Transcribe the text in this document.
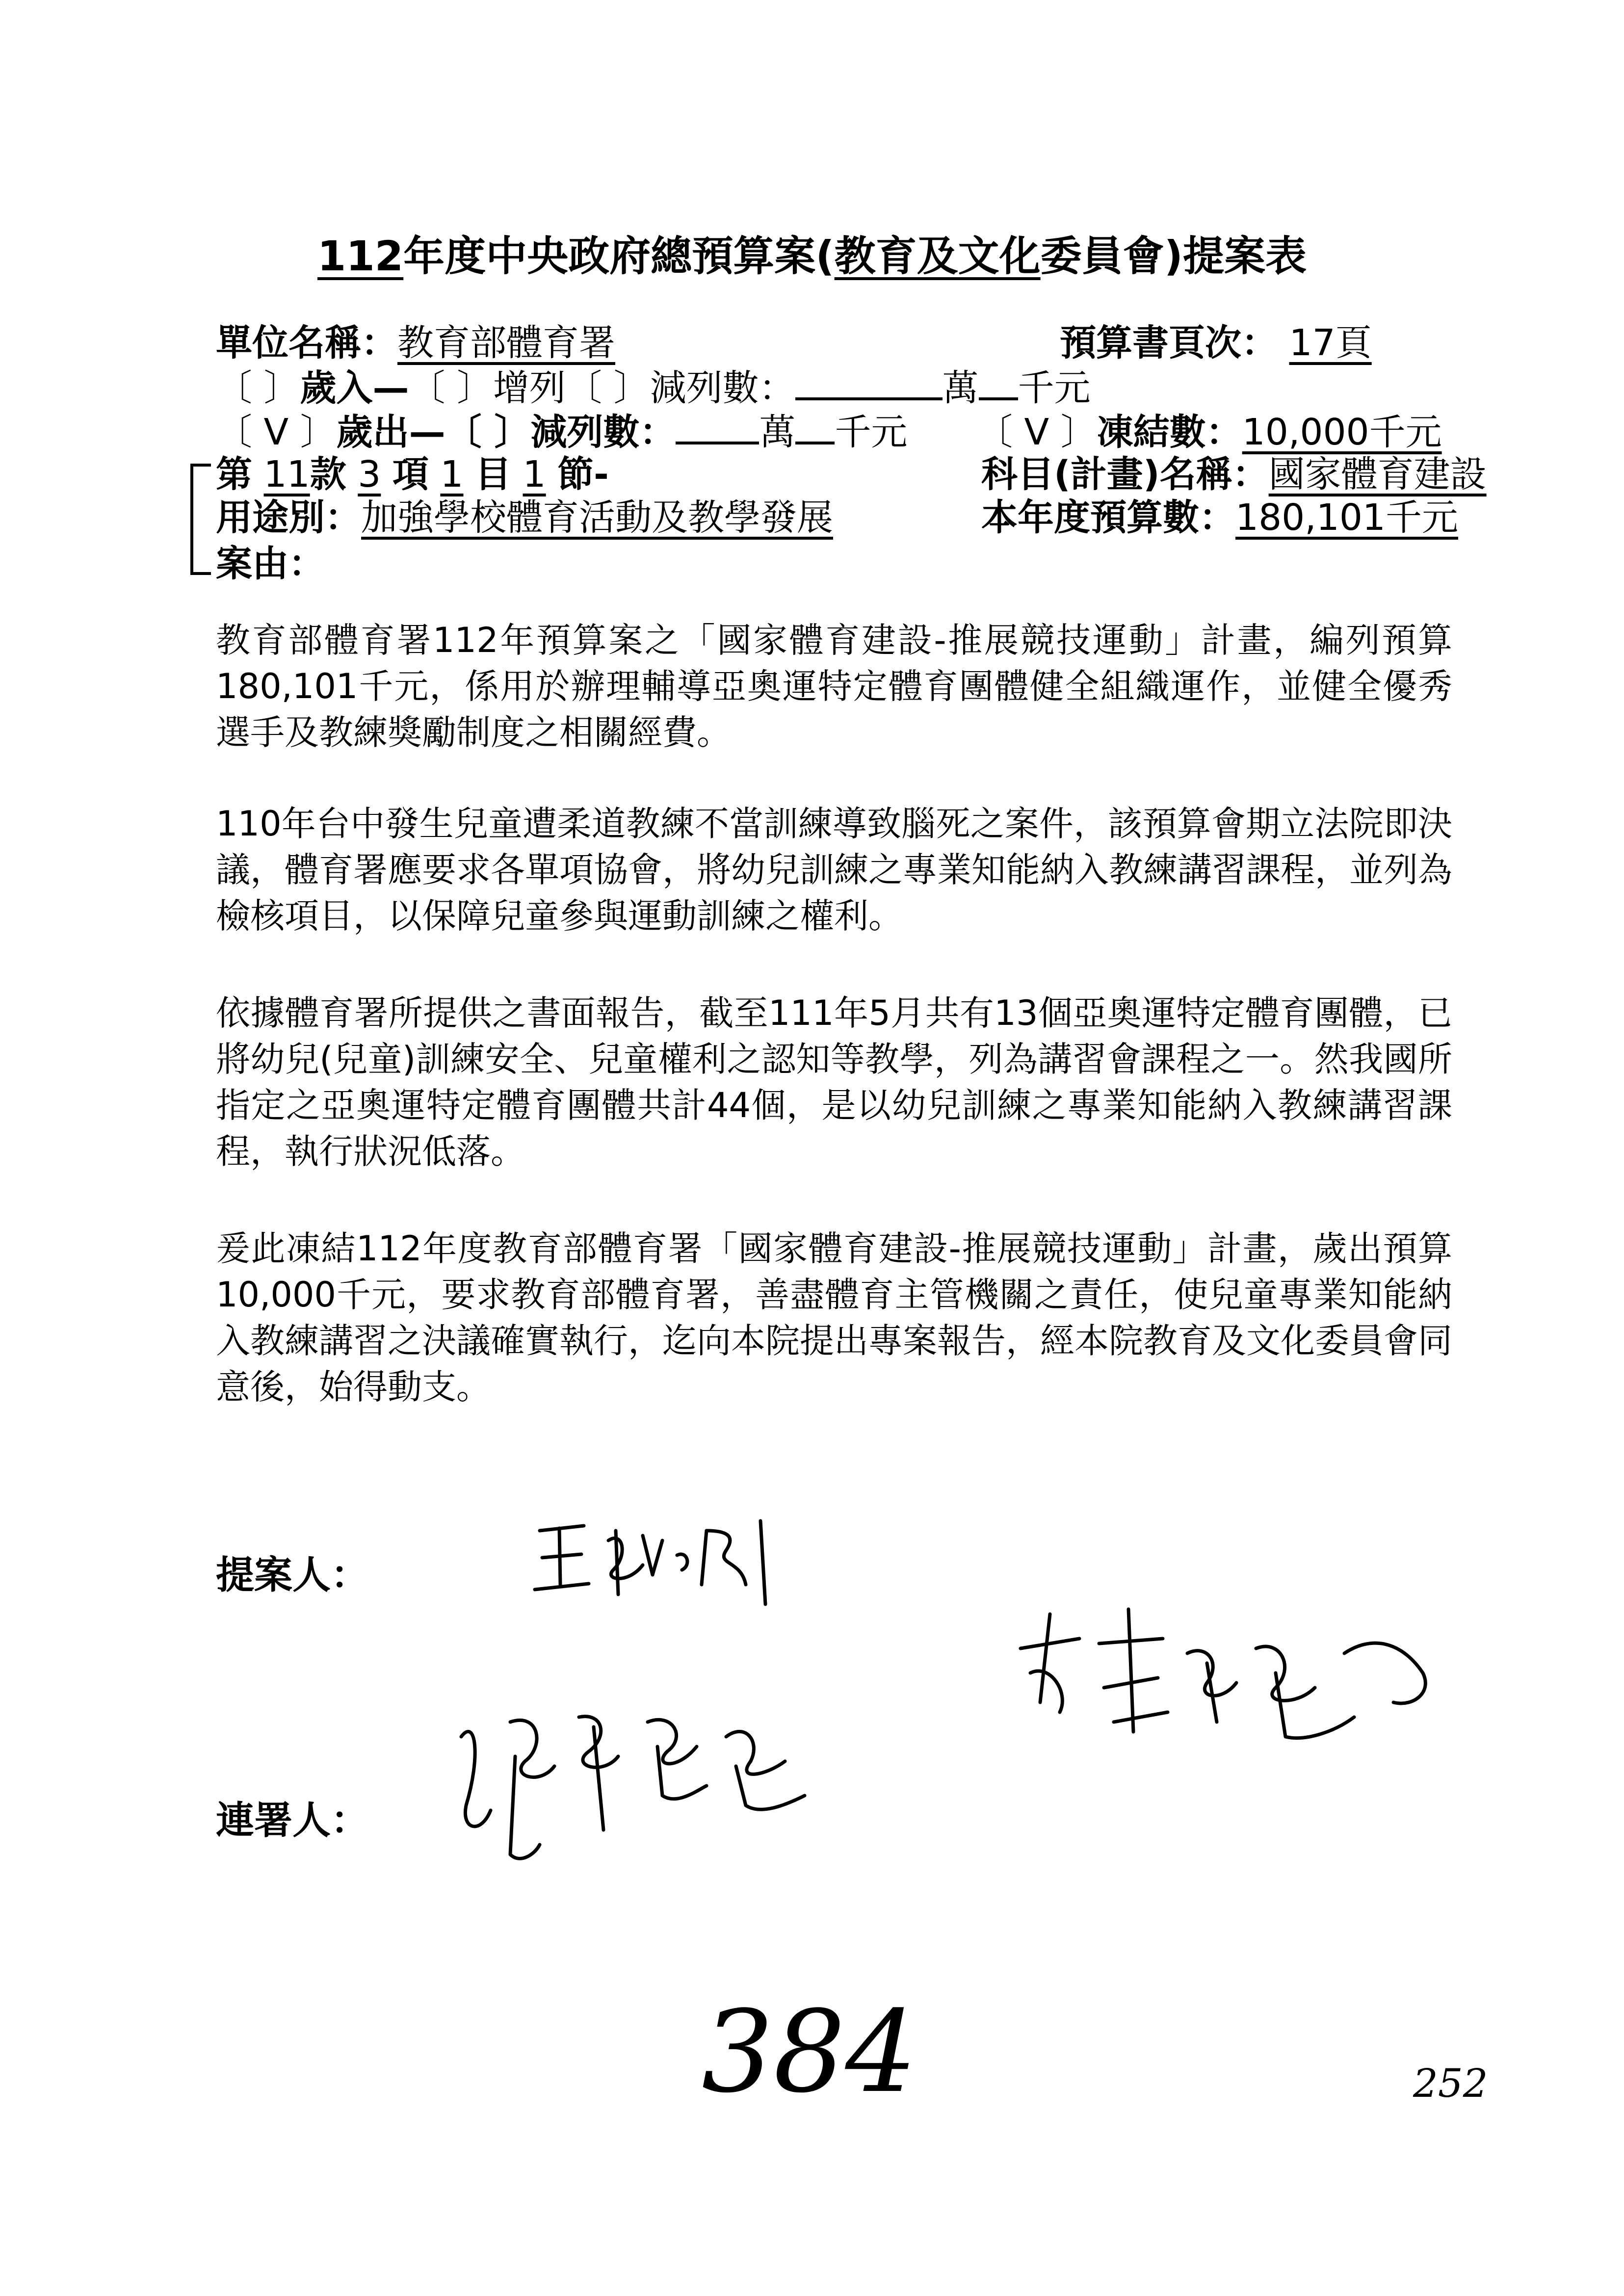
112年度中央政府總預算案(教育及文化委員會)提案表
單位名稱：教育部體育署	預算書頁次： 17頁
〔 〕歲入—〔 〕增列〔 〕減列數：	萬 千元
〔 V 〕歲出—〔 〕減列數： 萬 千元 〔 V 〕凍結數：10,000千元
第 11款 3 項 1 目 1 節-	科目(計畫)名稱：國家體育建設
用途別：加強學校體育活動及教學發展	本年度預算數：180,101千元
案由：
教育部體育署112年預算案之「國家體育建設-推展競技運動」計畫，編列預算180,101千元，係用於辦理輔導亞奧運特定體育團體健全組織運作，並健全優秀選手及教練獎勵制度之相關經費。
110年台中發生兒童遭柔道教練不當訓練導致腦死之案件，該預算會期立法院即決議，體育署應要求各單項協會，將幼兒訓練之專業知能納入教練講習課程，並列為檢核項目，以保障兒童參與運動訓練之權利。
依據體育署所提供之書面報告，截至111年5月共有13個亞奧運特定體育團體，已將幼兒(兒童)訓練安全、兒童權利之認知等教學，列為講習會課程之一。然我國所指定之亞奧運特定體育團體共計44個，是以幼兒訓練之專業知能納入教練講習課程，執行狀況低落。
爰此凍結112年度教育部體育署「國家體育建設-推展競技運動」計畫，歲出預算10,000千元，要求教育部體育署，善盡體育主管機關之責任，使兒童專業知能納入教練講習之決議確實執行，迄向本院提出專案報告，經本院教育及文化委員會同意後，始得動支。
提案人：
連署人：
384	252
